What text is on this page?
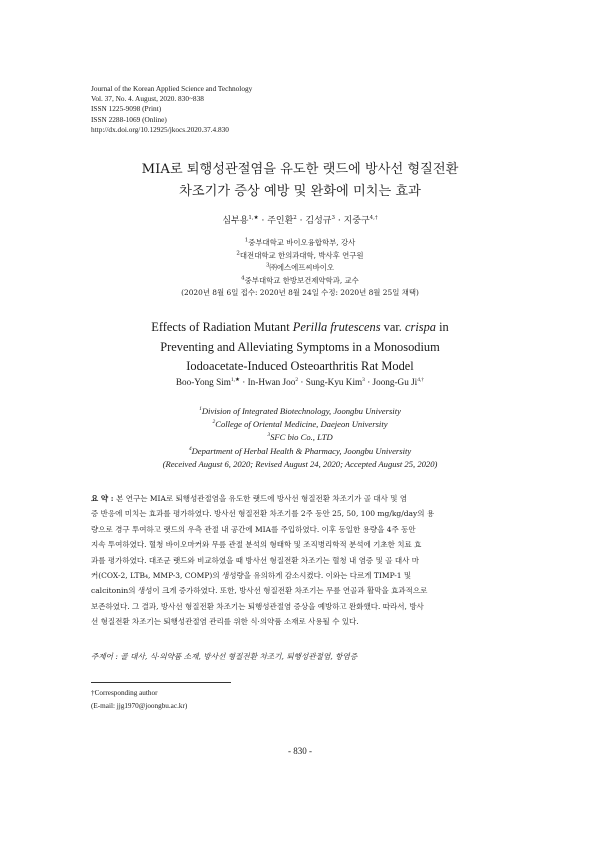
Journal of the Korean Applied Science and Technology
Vol. 37, No. 4. August, 2020. 830~838
ISSN 1225-9098 (Print)
ISSN 2288-1069 (Online)
http://dx.doi.org/10.12925/jkocs.2020.37.4.830
MIA로 퇴행성관절염을 유도한 랫드에 방사선 형질전환
차조기가 증상 예방 및 완화에 미치는 효과
심부용$^{1,★}$ · 주인환$^2$ · 김성규$^3$ · 지중구$^{4,\dagger}$
$^1$중부대학교 바이오융합학부, 강사
$^2$대전대학교 한의과대학, 박사후 연구원
$^3$㈜에스에프씨바이오
$^4$중부대학교 한방보건제약학과, 교수
(2020년 8월 6일 접수: 2020년 8월 24일 수정: 2020년 8월 25일 채택)
Effects of Radiation Mutant Perilla frutescens var. crispa in
Preventing and Alleviating Symptoms in a Monosodium
Iodoacetate-Induced Osteoarthritis Rat Model
Boo-Yong Sim$^{1,★}$ · In-Hwan Joo$^2$ · Sung-Kyu Kim$^3$ · Joong-Gu $Ji^{4,\dagger}$
$^1$Division of Integrated Biotechnology, Joongbu University
$^2$College of Oriental Medicine, Daejeon University
$^3$SFC bio Co., LTD
$^4$Department of Herbal Health & Pharmacy, Joongbu University
(Received August 6, 2020; Revised August 24, 2020; Accepted August 25, 2020)
요 약 : 본 연구는 MIA로 퇴행성관절염을 유도한 랫드에 방사선 형질전환 차조기가 골 대사 및 염
증 반응에 미치는 효과를 평가하였다. 방사선 형질전환 차조기를 2주 동안 25, 50, 100 mg/kg/day의 용
량으로 경구 투여하고 랫드의 우측 관절 내 공간에 MIA를 주입하였다. 이후 동일한 용량을 4주 동안
지속 투여하였다. 혈청 바이오마커와 무릎 관절 분석의 형태학 및 조직병리학적 분석에 기초한 치료 효
과를 평가하였다. 대조군 랫드와 비교하였을 때 방사선 형질전환 차조기는 혈청 내 염증 및 골 대사 마
커(COX-2, LTB₄, MMP-3, COMP)의 생성량을 유의하게 감소시켰다. 이와는 다르게 TIMP-1 및
calcitonin의 생성이 크게 증가하였다. 또한, 방사선 형질전환 차조기는 무릎 연골과 활막을 효과적으로
보존하였다. 그 결과, 방사선 형질전환 차조기는 퇴행성관절염 증상을 예방하고 완화했다. 따라서, 방사
선 형질전환 차조기는 퇴행성관절염 관리를 위한 식·의약품 소재로 사용될 수 있다.
주제어 : 골 대사, 식·의약품 소재, 방사선 형질전환 차조기, 퇴행성관절염, 항염증
†Corresponding author
(E-mail: jjg1970@joongbu.ac.kr)
- 830 -
